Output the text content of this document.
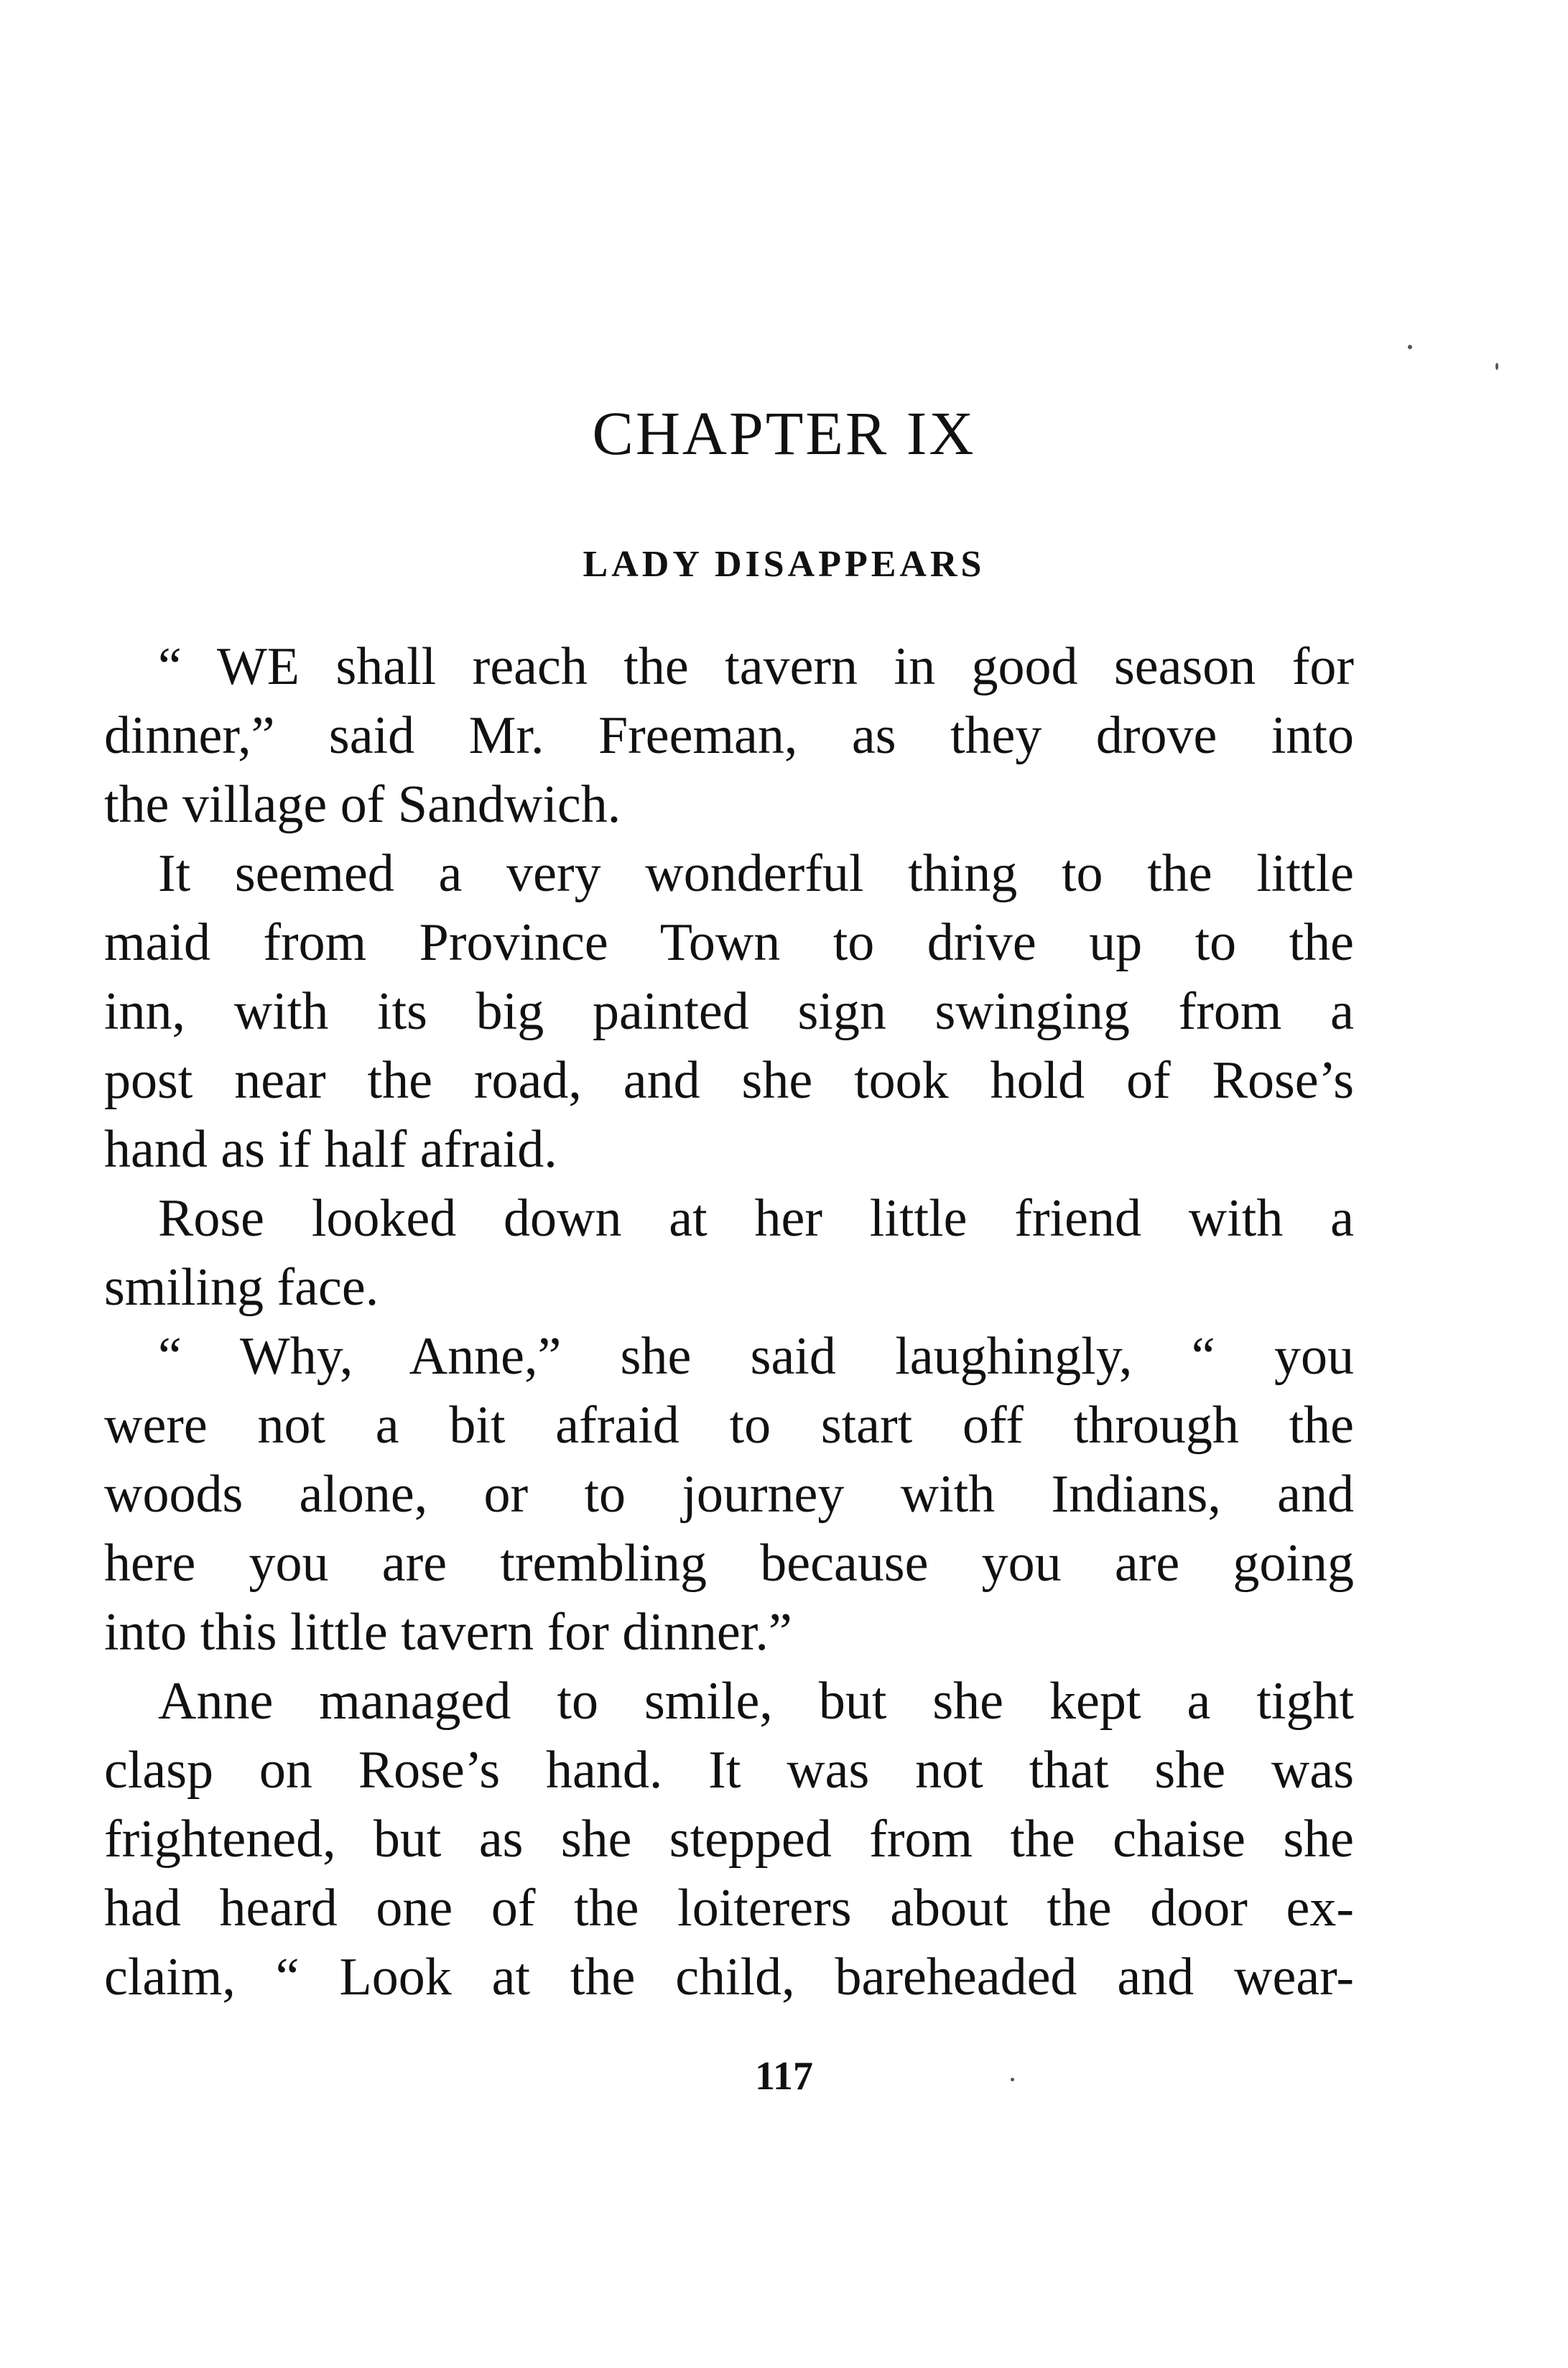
CHAPTER IX
LADY DISAPPEARS
“ WE shall reach the tavern in good season for
dinner,” said Mr. Freeman, as they drove into
the village of Sandwich.
It seemed a very wonderful thing to the little
maid from Province Town to drive up to the
inn, with its big painted sign swinging from a
post near the road, and she took hold of Rose’s
hand as if half afraid.
Rose looked down at her little friend with a
smiling face.
“ Why, Anne,” she said laughingly, “ you
were not a bit afraid to start off through the
woods alone, or to journey with Indians, and
here you are trembling because you are going
into this little tavern for dinner.”
Anne managed to smile, but she kept a tight
clasp on Rose’s hand. It was not that she was
frightened, but as she stepped from the chaise she
had heard one of the loiterers about the door ex-
claim, “ Look at the child, bareheaded and wear-
117
